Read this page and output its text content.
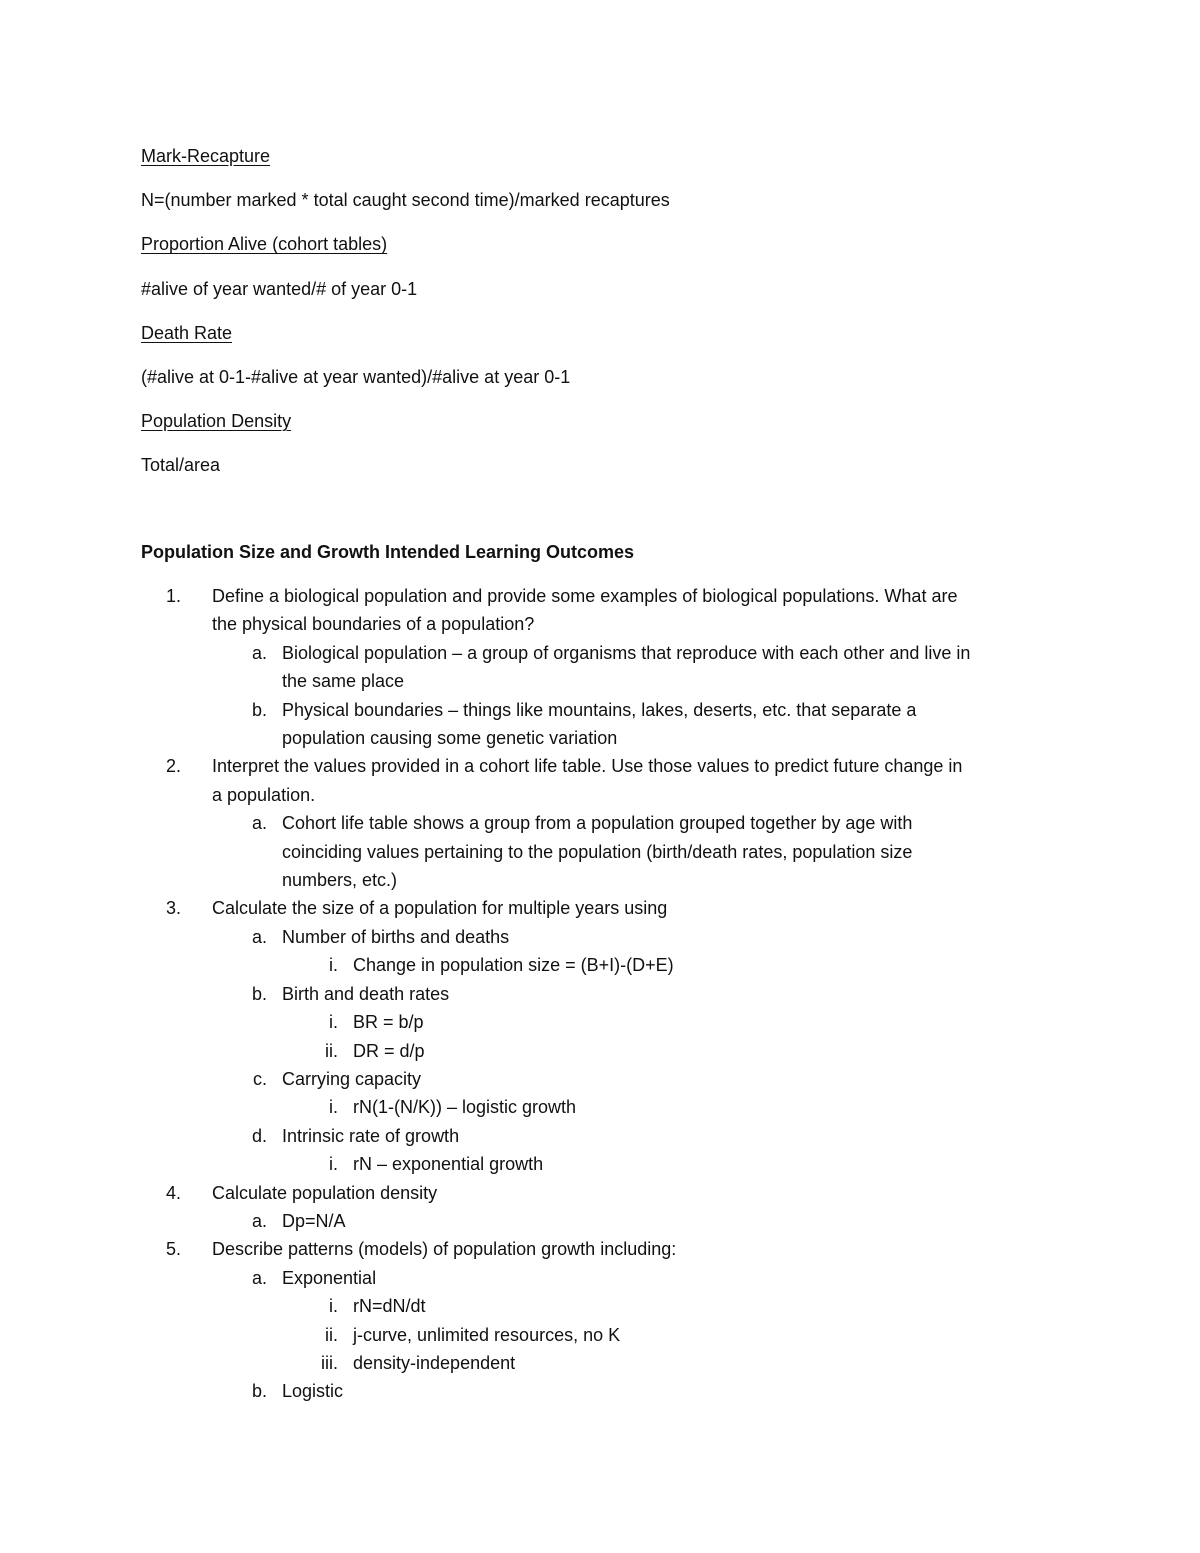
Mark-Recapture

N=(number marked * total caught second time)/marked recaptures

Proportion Alive (cohort tables)

#alive of year wanted/# of year 0-1

Death Rate

(#alive at 0-1-#alive at year wanted)/#alive at year 0-1

Population Density

Total/area

Population Size and Growth Intended Learning Outcomes
1. Define a biological population and provide some examples of biological populations. What are
the physical boundaries of a population?
a. Biological population – a group of organisms that reproduce with each other and live in
the same place
b. Physical boundaries – things like mountains, lakes, deserts, etc. that separate a
population causing some genetic variation
2. Interpret the values provided in a cohort life table. Use those values to predict future change in
a population.
a. Cohort life table shows a group from a population grouped together by age with
coinciding values pertaining to the population (birth/death rates, population size
numbers, etc.)
3. Calculate the size of a population for multiple years using
a. Number of births and deaths
i. Change in population size = (B+I)-(D+E)
b. Birth and death rates
i. BR = b/p
ii. DR = d/p
c. Carrying capacity
i. rN(1-(N/K)) – logistic growth
d. Intrinsic rate of growth
i. rN – exponential growth
4. Calculate population density
a. Dp=N/A
5. Describe patterns (models) of population growth including:
a. Exponential
i. rN=dN/dt
ii. j-curve, unlimited resources, no K
iii. density-independent
b. Logistic
